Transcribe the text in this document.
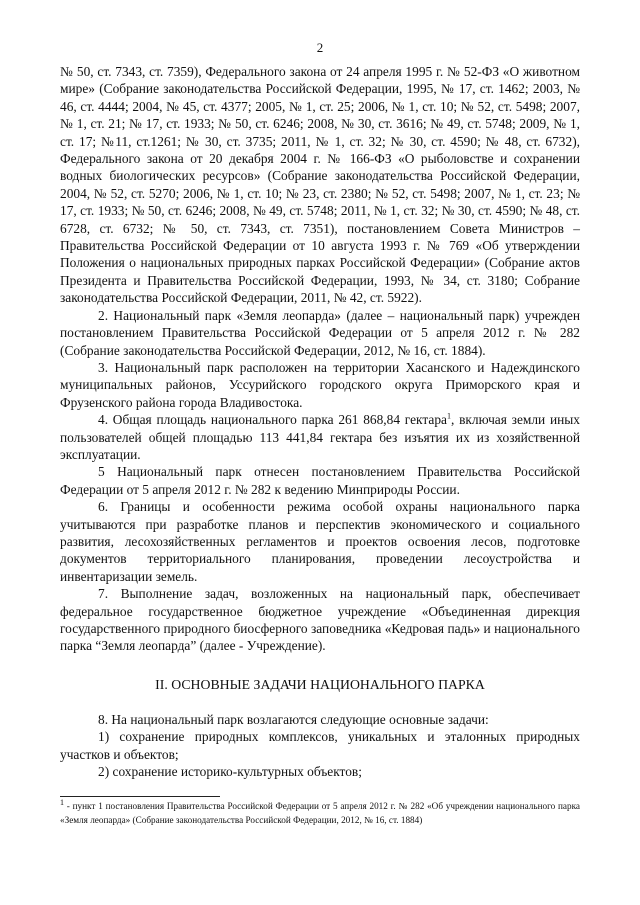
2

№ 50, ст. 7343, ст. 7359), Федерального закона от 24 апреля 1995 г. № 52-ФЗ «О животном мире» (Собрание законодательства Российской Федерации, 1995, № 17, ст. 1462; 2003, № 46, ст. 4444; 2004, № 45, ст. 4377; 2005, № 1, ст. 25; 2006, № 1, ст. 10; № 52, ст. 5498; 2007, № 1, ст. 21; № 17, ст. 1933; № 50, ст. 6246; 2008, № 30, ст. 3616; № 49, ст. 5748; 2009, № 1, ст. 17; №11, ст.1261; № 30, ст. 3735; 2011, № 1, ст. 32; № 30, ст. 4590; № 48, ст. 6732), Федерального закона от 20 декабря 2004 г. № 166-ФЗ «О рыболовстве и сохранении водных биологических ресурсов» (Собрание законодательства Российской Федерации, 2004, № 52, ст. 5270; 2006, № 1, ст. 10; № 23, ст. 2380; № 52, ст. 5498; 2007, № 1, ст. 23; № 17, ст. 1933; № 50, ст. 6246; 2008, № 49, ст. 5748; 2011, № 1, ст. 32; № 30, ст. 4590; № 48, ст. 6728, ст. 6732; № 50, ст. 7343, ст. 7351), постановлением Совета Министров – Правительства Российской Федерации от 10 августа 1993 г. № 769 «Об утверждении Положения о национальных природных парках Российской Федерации» (Собрание актов Президента и Правительства Российской Федерации, 1993, № 34, ст. 3180; Собрание законодательства Российской Федерации, 2011, № 42, ст. 5922).

2. Национальный парк «Земля леопарда» (далее – национальный парк) учрежден постановлением Правительства Российской Федерации от 5 апреля 2012 г. № 282 (Собрание законодательства Российской Федерации, 2012, № 16, ст. 1884).

3. Национальный парк расположен на территории Хасанского и Надеждинского муниципальных районов, Уссурийского городского округа Приморского края и Фрузенского района города Владивостока.

4. Общая площадь национального парка 261 868,84 гектара$^1$, включая земли иных пользователей общей площадью 113 441,84 гектара без изъятия их из хозяйственной эксплуатации.

5 Национальный парк отнесен постановлением Правительства Российской Федерации от 5 апреля 2012 г. № 282 к ведению Минприроды России.

6. Границы и особенности режима особой охраны национального парка учитываются при разработке планов и перспектив экономического и социального развития, лесохозяйственных регламентов и проектов освоения лесов, подготовке документов территориального планирования, проведении лесоустройства и инвентаризации земель.

7. Выполнение задач, возложенных на национальный парк, обеспечивает федеральное государственное бюджетное учреждение «Объединенная дирекция государственного природного биосферного заповедника «Кедровая падь» и национального парка “Земля леопарда” (далее - Учреждение).

II. ОСНОВНЫЕ ЗАДАЧИ НАЦИОНАЛЬНОГО ПАРКА

8. На национальный парк возлагаются следующие основные задачи:

1) сохранение природных комплексов, уникальных и эталонных природных участков и объектов;

2) сохранение историко-культурных объектов;

$^1$ - пункт 1 постановления Правительства Российской Федерации от 5 апреля 2012 г. № 282 «Об учреждении национального парка «Земля леопарда» (Собрание законодательства Российской Федерации, 2012, № 16, ст. 1884)
